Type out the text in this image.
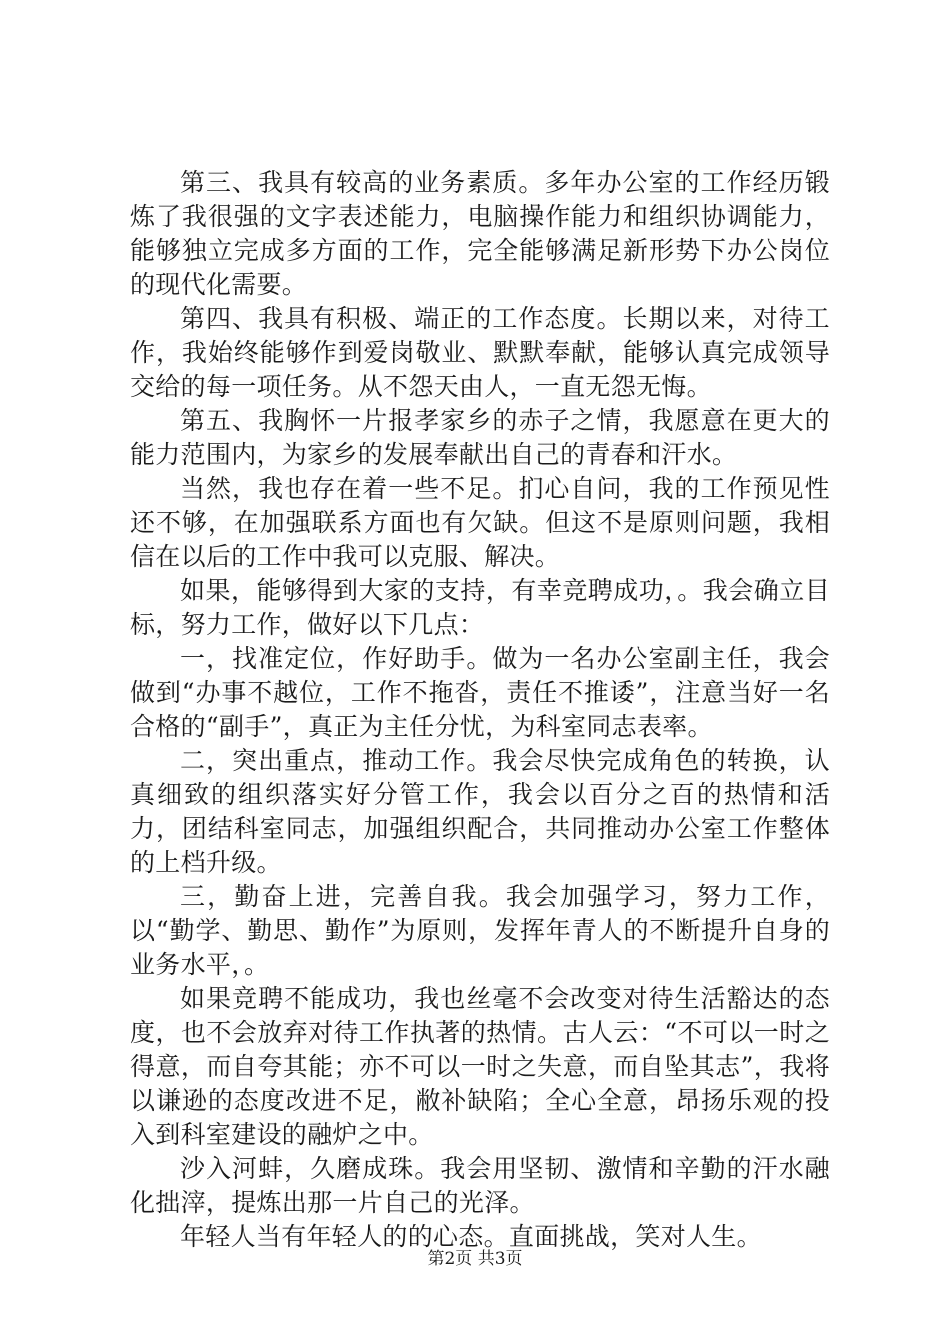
第三、我具有较高的业务素质。多年办公室的工作经历锻炼了我很强的文字表述能力，电脑操作能力和组织协调能力，能够独立完成多方面的工作，完全能够满足新形势下办公岗位的现代化需要。

第四、我具有积极、端正的工作态度。长期以来，对待工作，我始终能够作到爱岗敬业、默默奉献，能够认真完成领导交给的每一项任务。从不怨天由人，一直无怨无悔。

第五、我胸怀一片报孝家乡的赤子之情，我愿意在更大的能力范围内，为家乡的发展奉献出自己的青春和汗水。

当然，我也存在着一些不足。扪心自问，我的工作预见性还不够，在加强联系方面也有欠缺。但这不是原则问题，我相信在以后的工作中我可以克服、解决。

如果，能够得到大家的支持，有幸竞聘成功，。我会确立目标，努力工作，做好以下几点：

一，找准定位，作好助手。做为一名办公室副主任，我会做到“办事不越位，工作不拖沓，责任不推诿”，注意当好一名合格的“副手”，真正为主任分忧，为科室同志表率。

二，突出重点，推动工作。我会尽快完成角色的转换，认真细致的组织落实好分管工作，我会以百分之百的热情和活力，团结科室同志，加强组织配合，共同推动办公室工作整体的上档升级。

三，勤奋上进，完善自我。我会加强学习，努力工作，以“勤学、勤思、勤作”为原则，发挥年青人的不断提升自身的业务水平，。

如果竞聘不能成功，我也丝毫不会改变对待生活豁达的态度，也不会放弃对待工作执著的热情。古人云：“不可以一时之得意，而自夸其能；亦不可以一时之失意，而自坠其志”，我将以谦逊的态度改进不足，敝补缺陷；全心全意，昂扬乐观的投入到科室建设的融炉之中。

沙入河蚌，久磨成珠。我会用坚韧、激情和辛勤的汗水融化拙滓，提炼出那一片自己的光泽。

年轻人当有年轻人的的心态。直面挑战，笑对人生。

第2页 共3页
